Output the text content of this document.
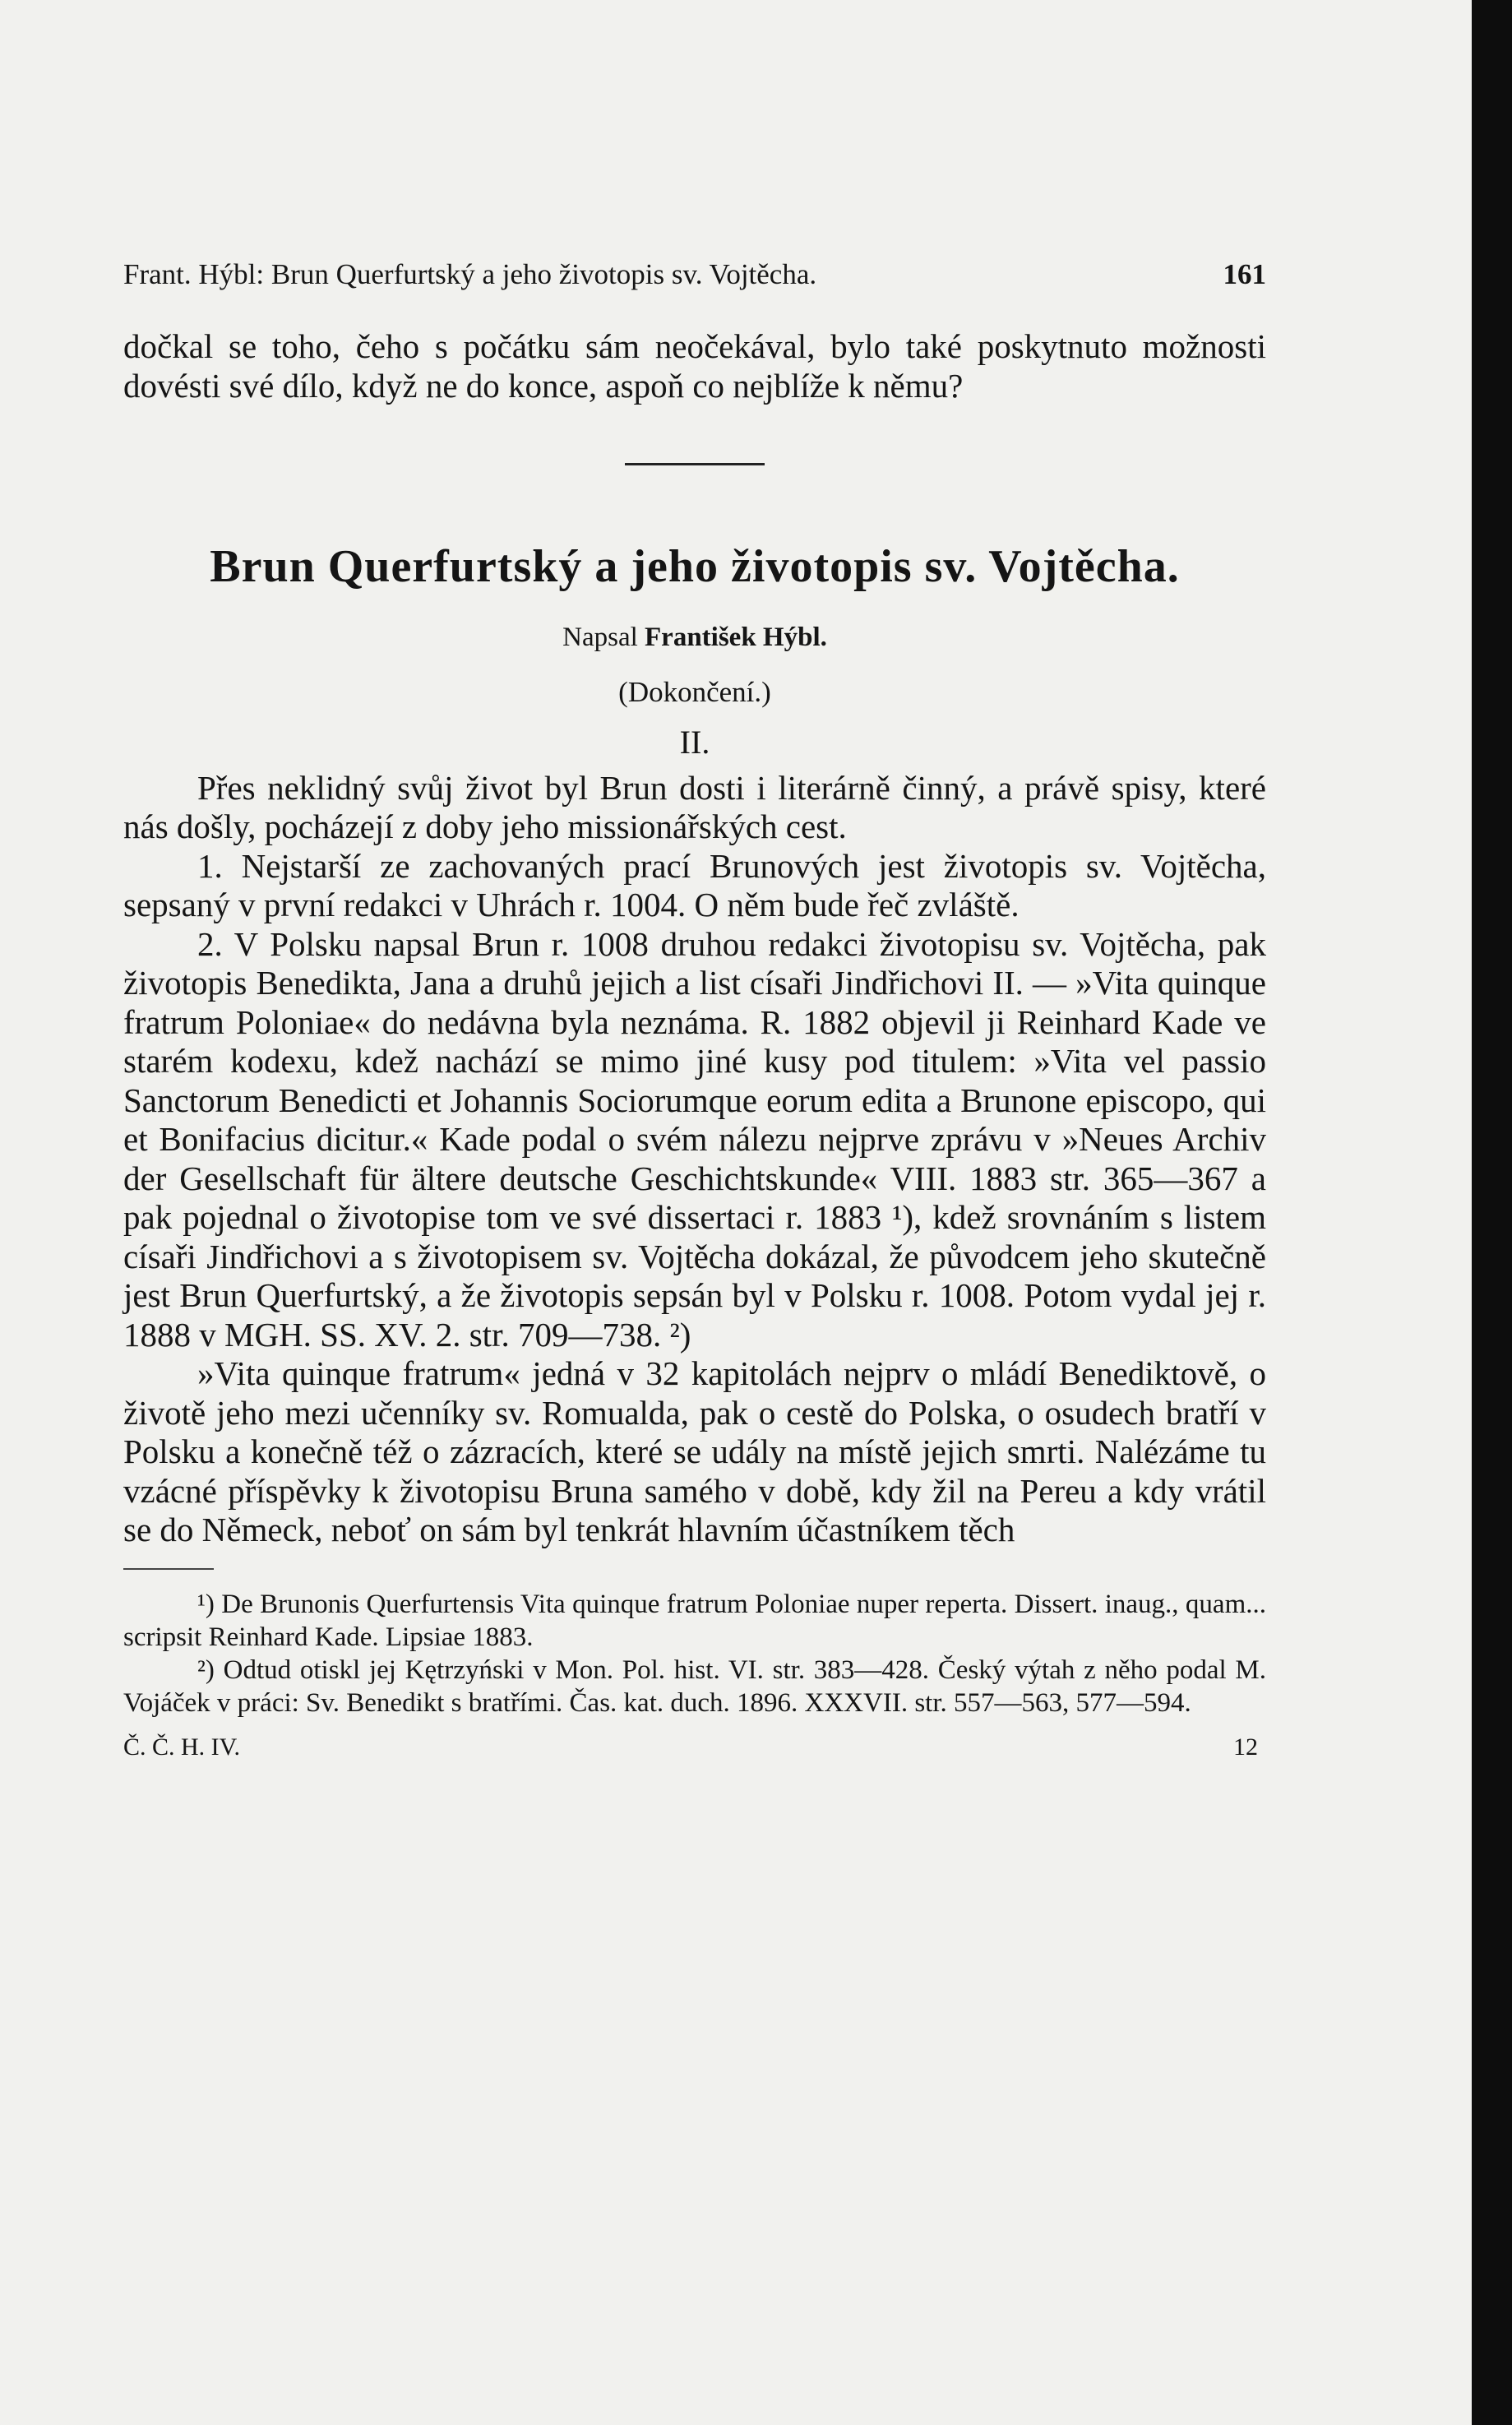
Frant. Hýbl: Brun Querfurtský a jeho životopis sv. Vojtěcha.	161

dočkal se toho, čeho s počátku sám neočekával, bylo také poskytnuto možnosti dovésti své dílo, když ne do konce, aspoň co nejblíže k němu?

Brun Querfurtský a jeho životopis sv. Vojtěcha.

Napsal František Hýbl.

(Dokončení.)

II.

Přes neklidný svůj život byl Brun dosti i literárně činný, a právě spisy, které nás došly, pocházejí z doby jeho missionářských cest.

1. Nejstarší ze zachovaných prací Brunových jest životopis sv. Vojtěcha, sepsaný v první redakci v Uhrách r. 1004. O něm bude řeč zvláště.

2. V Polsku napsal Brun r. 1008 druhou redakci životopisu sv. Vojtěcha, pak životopis Benedikta, Jana a druhů jejich a list císaři Jindřichovi II. — »Vita quinque fratrum Poloniae« do nedávna byla neznáma. R. 1882 objevil ji Reinhard Kade ve starém kodexu, kdež nachází se mimo jiné kusy pod titulem: »Vita vel passio Sanctorum Benedicti et Johannis Sociorumque eorum edita a Brunone episcopo, qui et Bonifacius dicitur.« Kade podal o svém nálezu nejprve zprávu v »Neues Archiv der Gesellschaft für ältere deutsche Geschichtskunde« VIII. 1883 str. 365—367 a pak pojednal o životopise tom ve své dissertaci r. 1883 ¹), kdež srovnáním s listem císaři Jindřichovi a s životopisem sv. Vojtěcha dokázal, že původcem jeho skutečně jest Brun Querfurtský, a že životopis sepsán byl v Polsku r. 1008. Potom vydal jej r. 1888 v MGH. SS. XV. 2. str. 709—738. ²)

»Vita quinque fratrum« jedná v 32 kapitolách nejprv o mládí Benediktově, o životě jeho mezi učenníky sv. Romualda, pak o cestě do Polska, o osudech bratří v Polsku a konečně též o zázracích, které se udály na místě jejich smrti. Nalézáme tu vzácné příspěvky k životopisu Bruna samého v době, kdy žil na Pereu a kdy vrátil se do Německ, neboť on sám byl tenkrát hlavním účastníkem těch

¹) De Brunonis Querfurtensis Vita quinque fratrum Poloniae nuper reperta. Dissert. inaug., quam... scripsit Reinhard Kade. Lipsiae 1883.

²) Odtud otiskl jej Kętrzyński v Mon. Pol. hist. VI. str. 383—428. Český výtah z něho podal M. Vojáček v práci: Sv. Benedikt s bratřími. Čas. kat. duch. 1896. XXXVII. str. 557—563, 577—594.

Č. Č. H. IV.	12
